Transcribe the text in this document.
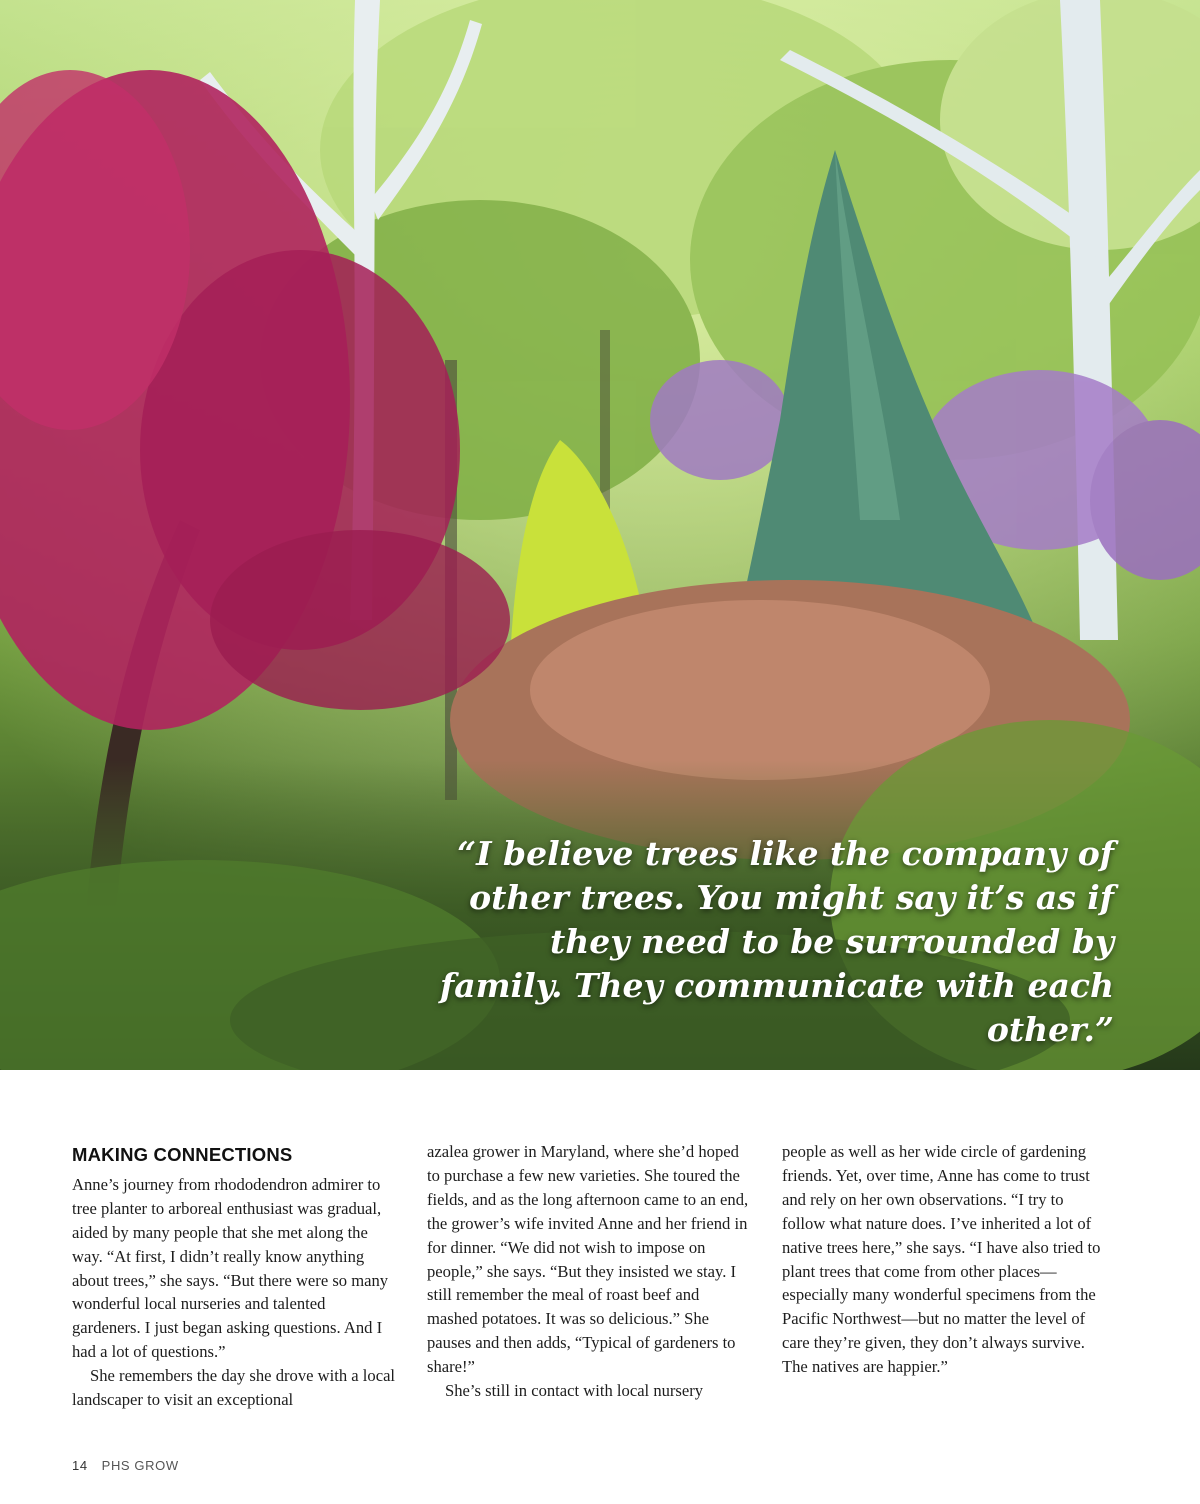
“I believe trees like the company of other trees. You might say it’s as if they need to be surrounded by family. They communicate with each other.”

MAKING CONNECTIONS

Anne’s journey from rhododendron admirer to tree planter to arboreal enthusiast was gradual, aided by many people that she met along the way. “At first, I didn’t really know anything about trees,” she says. “But there were so many wonderful local nurseries and talented gardeners. I just began asking questions. And I had a lot of questions.”

She remembers the day she drove with a local landscaper to visit an exceptional

azalea grower in Maryland, where she’d hoped to purchase a few new varieties. She toured the fields, and as the long afternoon came to an end, the grower’s wife invited Anne and her friend in for dinner. “We did not wish to impose on people,” she says. “But they insisted we stay. I still remember the meal of roast beef and mashed potatoes. It was so delicious.” She pauses and then adds, “Typical of gardeners to share!”

She’s still in contact with local nursery

people as well as her wide circle of gardening friends. Yet, over time, Anne has come to trust and rely on her own observations. “I try to follow what nature does. I’ve inherited a lot of native trees here,” she says. “I have also tried to plant trees that come from other places—especially many wonderful specimens from the Pacific Northwest—but no matter the level of care they’re given, they don’t always survive. The natives are happier.”

14 PHS GROW
